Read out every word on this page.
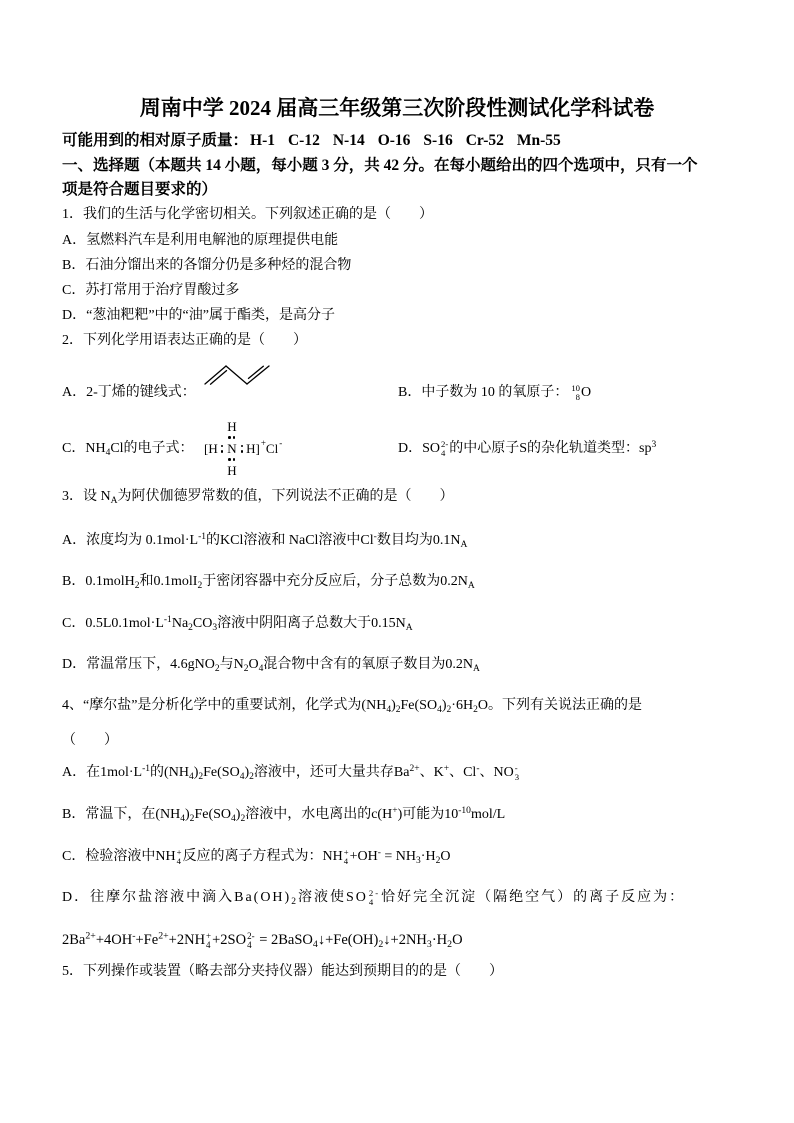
周南中学 2024 届高三年级第三次阶段性测试化学科试卷
可能用到的相对原子质量： H-1 C-12 N-14 O-16 S-16 Cr-52 Mn-55
一、选择题（本题共 14 小题，每小题 3 分，共 42 分。在每小题给出的四个选项中，只有一个
项是符合题目要求的）
1．我们的生活与化学密切相关。下列叙述正确的是（　　）
A．氢燃料汽车是利用电解池的原理提供电能
B．石油分馏出来的各馏分仍是多种烃的混合物
C．苏打常用于治疗胃酸过多
D．“葱油粑粑”中的“油”属于酯类，是高分子
2．下列化学用语表达正确的是（　　）
A．2-丁烯的键线式：	B．中子数为 10 的氧原子： 10
8 O
C．$NH_4Cl$的电子式： [H
H
N
H
H] + Cl -	D．SO 2-
4 的中心原子S的杂化轨道类型：$sp^3$
3．设 $N_A$为阿伏伽德罗常数的值，下列说法不正确的是（　　）
A．浓度均为 $0.1mol\cdot L^{-1}$的KCl溶液和 NaCl溶液中Cl-数目均为$0.1N_A$
B．0.1molH$_2$和0.1molI$_2$于密闭容器中充分反应后，分子总数为$0.2N_A$
C．$0.5L0.1mol\cdot L^{-1}Na_2CO_3$溶液中阴阳离子总数大于$0.15N_A$
D．常温常压下，4.6gNO$_2$与$N_2O_4$混合物中含有的氧原子数目为$0.2N_A$
4、“摩尔盐”是分析化学中的重要试剂，化学式为$(NH_4)_2Fe(SO_4)_2\cdot 6H_2O$。下列有关说法正确的是
（　　）
A．在$1mol\cdot L^{-1}$的$(NH_4)_2Fe(SO_4)_2$溶液中，还可大量共存$Ba^{2+}$、K+、Cl-、NO -
3
B．常温下，在$(NH_4)_2Fe(SO_4)_2$溶液中，水电离出的c(H+)可能为$10^{-10}mol/L$
C．检验溶液中NH +
4 反应的离子方程式为：NH +
$4 +OH^- = NH_3\cdot H_2O$
D．往摩尔盐溶液中滴入$Ba(OH)_2$溶液使SO 2-
4 恰好完全沉淀（隔绝空气）的离子反应为：
$2Ba^{2+}+4OH^-+Fe^{2+}+2NH$ +
4 +2SO 2-
$4 = 2BaSO_4↓+Fe(OH)_2↓+2NH_3\cdot H_2O$
5．下列操作或装置（略去部分夹持仪器）能达到预期目的的是（　　）
